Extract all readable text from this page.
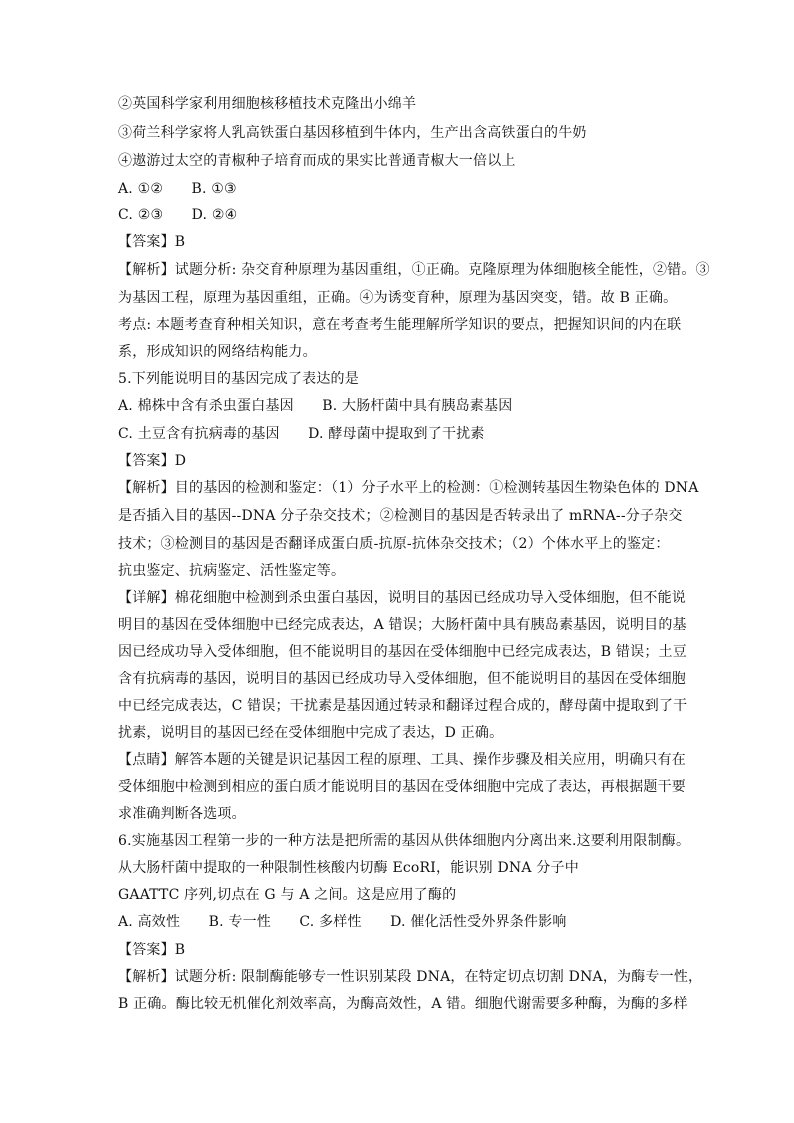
②英国科学家利用细胞核移植技术克隆出小绵羊
③荷兰科学家将人乳高铁蛋白基因移植到牛体内，生产出含高铁蛋白的牛奶
④遨游过太空的青椒种子培育而成的果实比普通青椒大一倍以上
A. ①②　　B. ①③
C. ②③　　D. ②④
【答案】B
【解析】试题分析: 杂交育种原理为基因重组，①正确。克隆原理为体细胞核全能性，②错。③
为基因工程，原理为基因重组，正确。④为诱变育种，原理为基因突变，错。故 B 正确。
考点: 本题考查育种相关知识，意在考查考生能理解所学知识的要点，把握知识间的内在联
系，形成知识的网络结构能力。
5.下列能说明目的基因完成了表达的是
A. 棉株中含有杀虫蛋白基因　　B. 大肠杆菌中具有胰岛素基因
C. 土豆含有抗病毒的基因　　D. 酵母菌中提取到了干扰素
【答案】D
【解析】目的基因的检测和鉴定：（1）分子水平上的检测：①检测转基因生物染色体的 DNA
是否插入目的基因--DNA 分子杂交技术；②检测目的基因是否转录出了 mRNA--分子杂交
技术；③检测目的基因是否翻译成蛋白质-抗原-抗体杂交技术；（2）个体水平上的鉴定：
抗虫鉴定、抗病鉴定、活性鉴定等。
【详解】棉花细胞中检测到杀虫蛋白基因，说明目的基因已经成功导入受体细胞，但不能说
明目的基因在受体细胞中已经完成表达，A 错误；大肠杆菌中具有胰岛素基因，说明目的基
因已经成功导入受体细胞，但不能说明目的基因在受体细胞中已经完成表达，B 错误；土豆
含有抗病毒的基因，说明目的基因已经成功导入受体细胞，但不能说明目的基因在受体细胞
中已经完成表达，C 错误；干扰素是基因通过转录和翻译过程合成的，酵母菌中提取到了干
扰素，说明目的基因已经在受体细胞中完成了表达，D 正确。
【点睛】解答本题的关键是识记基因工程的原理、工具、操作步骤及相关应用，明确只有在
受体细胞中检测到相应的蛋白质才能说明目的基因在受体细胞中完成了表达，再根据题干要
求准确判断各选项。
6.实施基因工程第一步的一种方法是把所需的基因从供体细胞内分离出来.这要利用限制酶。
从大肠杆菌中提取的一种限制性核酸内切酶 EcoRI，能识别 DNA 分子中
GAATTC 序列,切点在 G 与 A 之间。这是应用了酶的
A. 高效性　　B. 专一性　　C. 多样性　　D. 催化活性受外界条件影响
【答案】B
【解析】试题分析: 限制酶能够专一性识别某段 DNA，在特定切点切割 DNA，为酶专一性，
B 正确。酶比较无机催化剂效率高，为酶高效性，A 错。细胞代谢需要多种酶，为酶的多样
